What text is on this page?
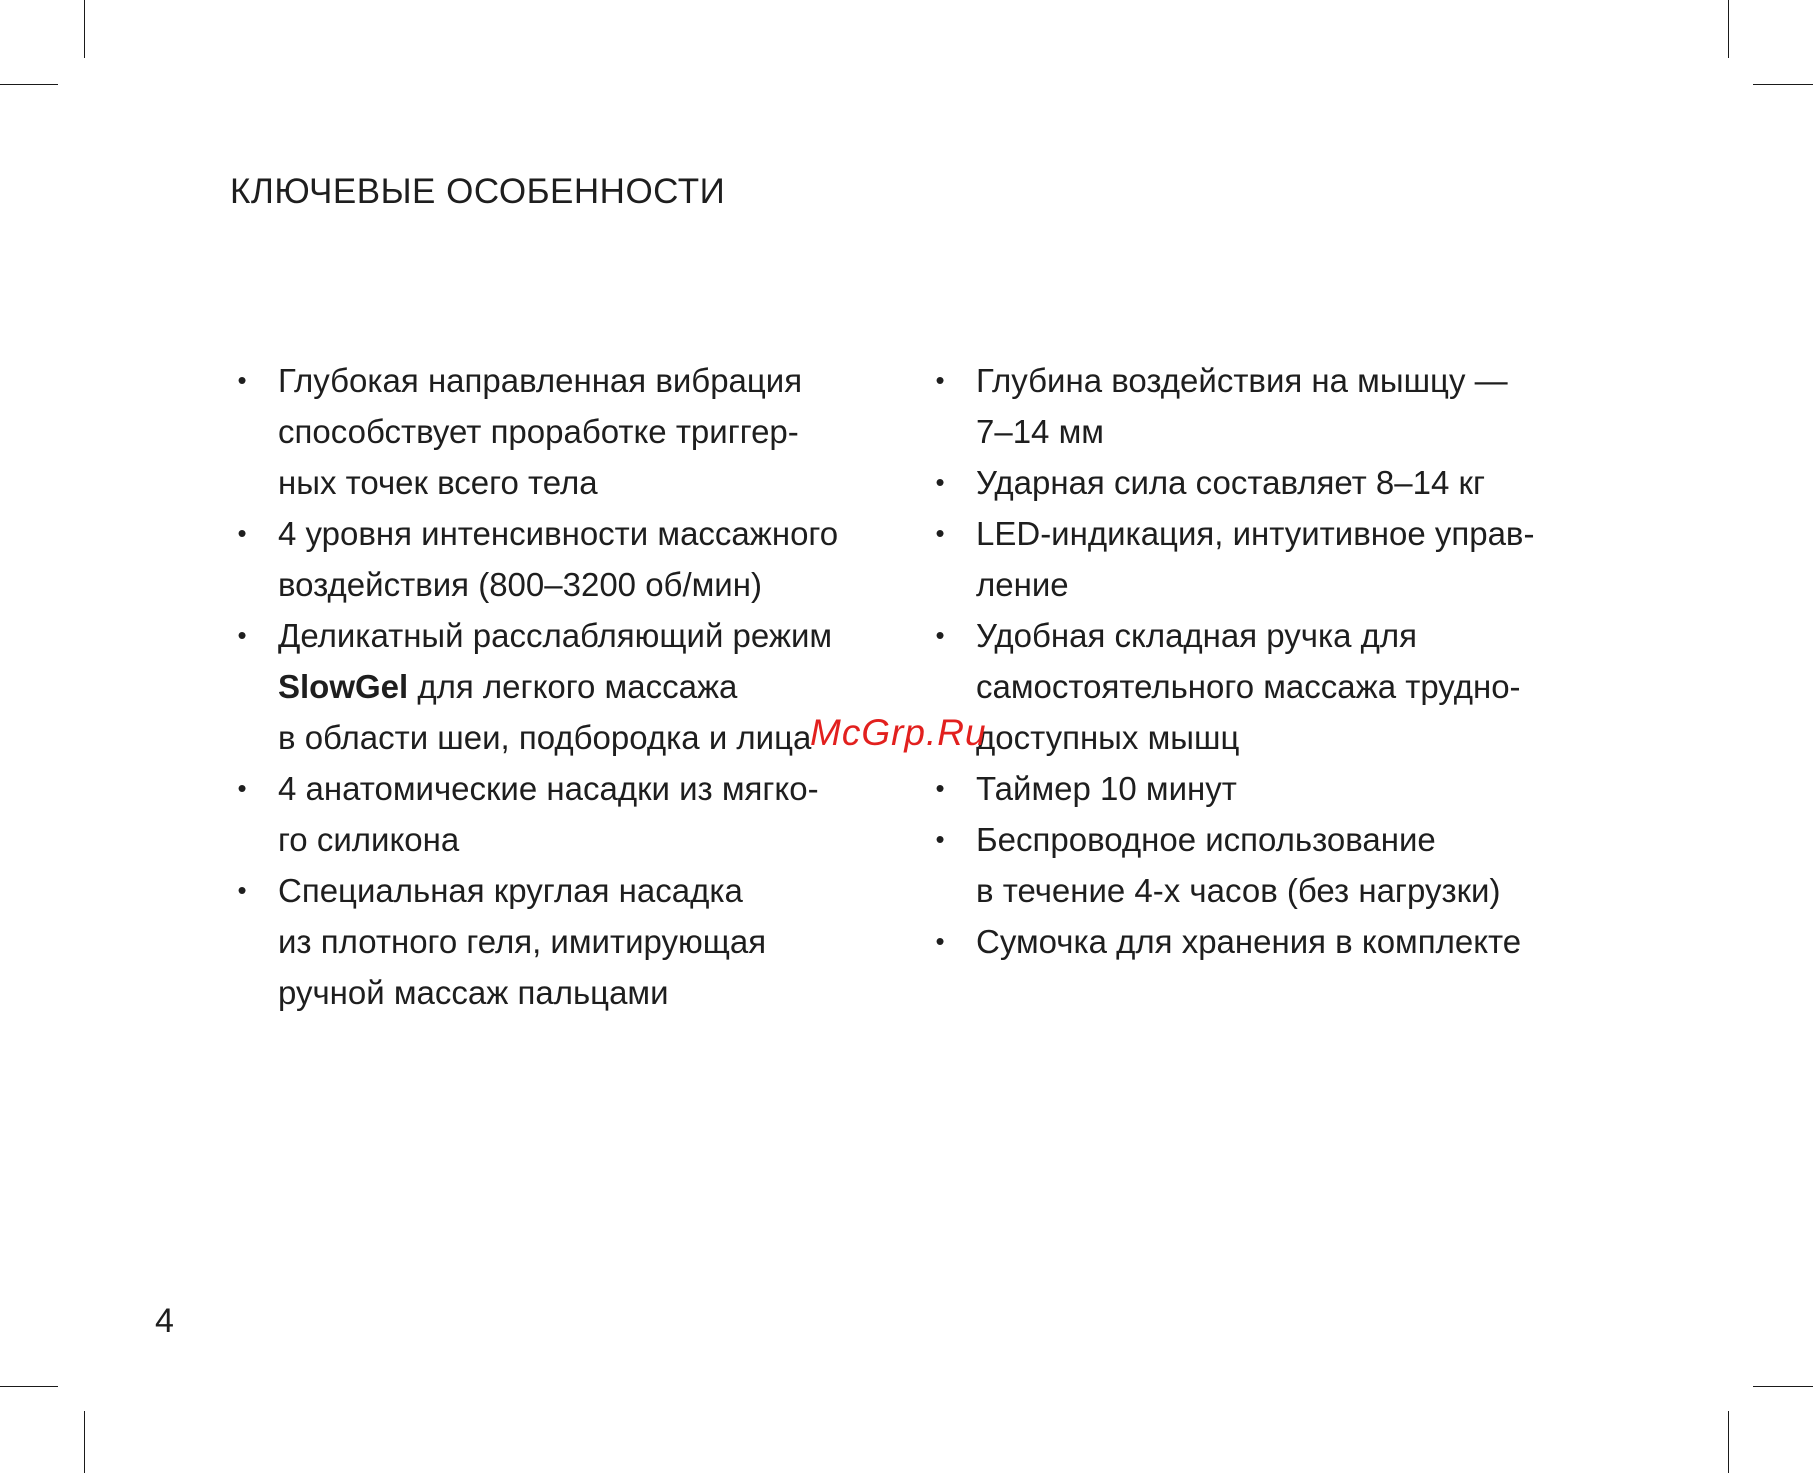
КЛЮЧЕВЫЕ ОСОБЕННОСТИ
• Глубокая направленная вибрация
способствует проработке триггер-
ных точек всего тела
• 4 уровня интенсивности массажного
воздействия (800–3200 об/мин)
• Деликатный расслабляющий режим
SlowGel для легкого массажа
в области шеи, подбородка и лица
• 4 анатомические насадки из мягко-
го силикона
• Специальная круглая насадка
из плотного геля, имитирующая
ручной массаж пальцами
• Глубина воздействия на мышцу —
7–14 мм
• Ударная сила составляет 8–14 кг
• LED-индикация, интуитивное управ-
ление
• Удобная складная ручка для
самостоятельного массажа трудно-
доступных мышц
• Таймер 10 минут
• Беспроводное использование
в течение 4-х часов (без нагрузки)
• Сумочка для хранения в комплекте
McGrp.Ru
4
